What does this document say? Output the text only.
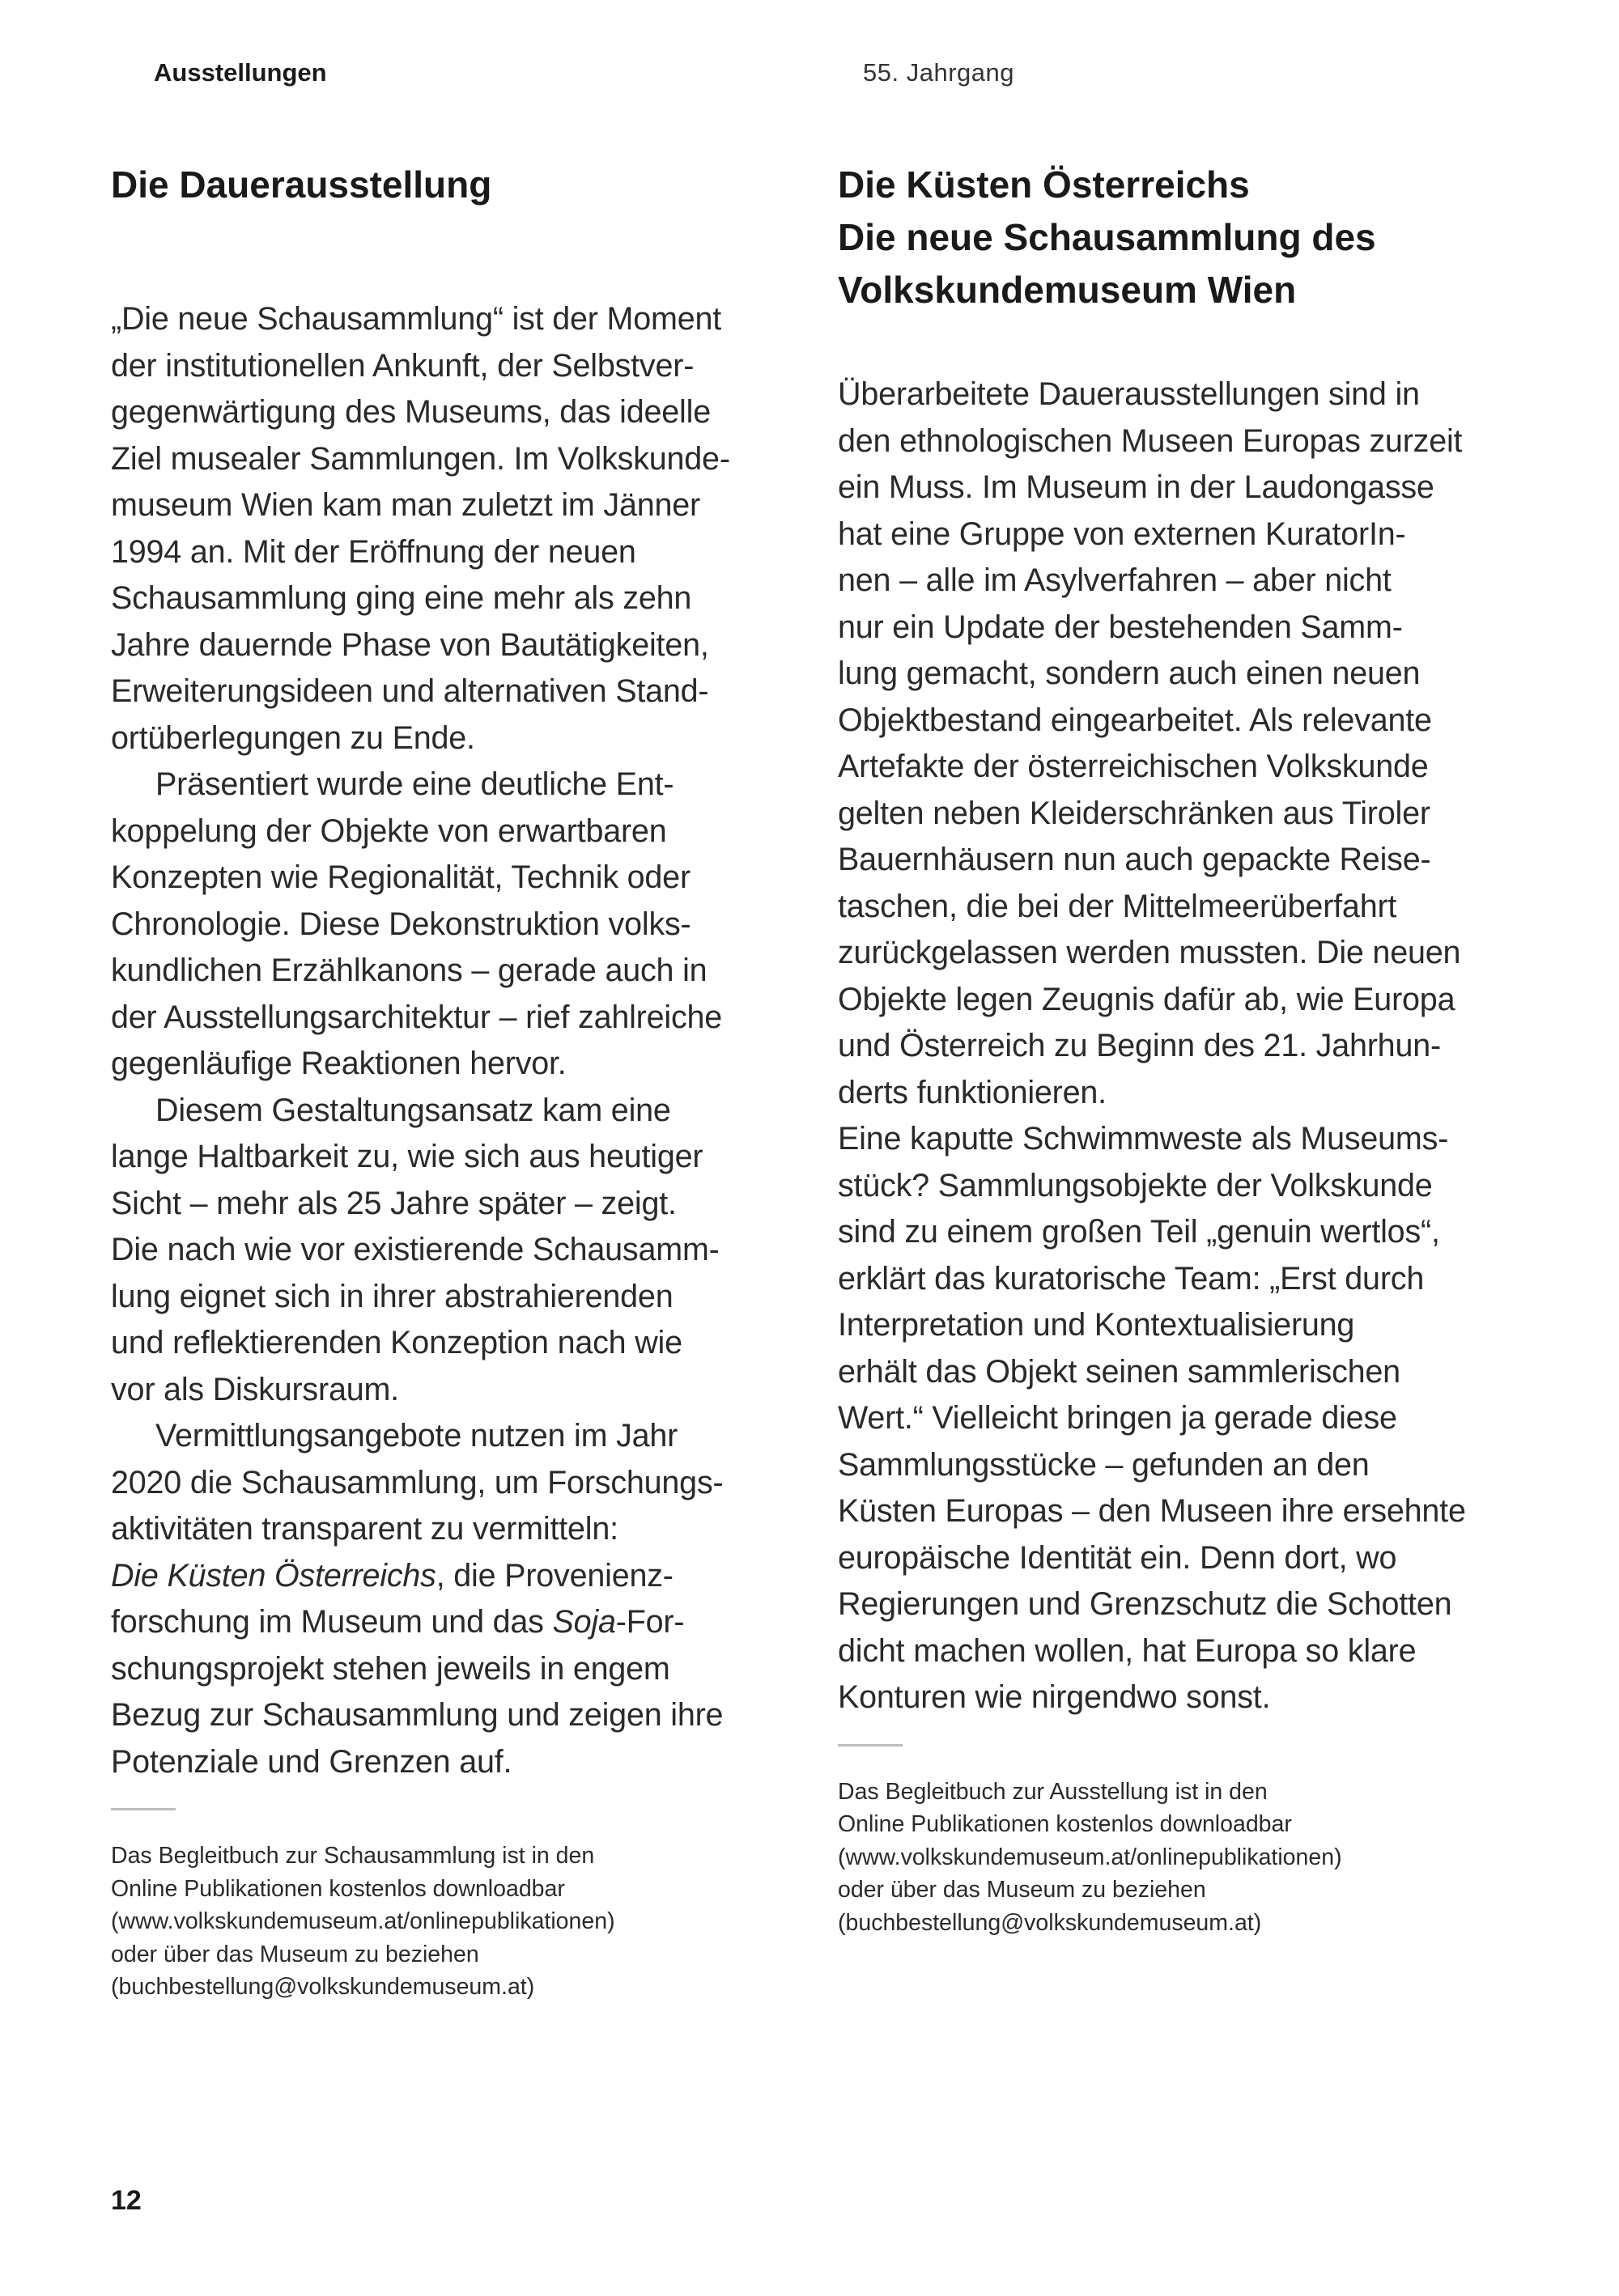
Ausstellungen	55. Jahrgang
Die Dauerausstellung
„Die neue Schausammlung“ ist der Moment
der institutionellen Ankunft, der Selbstver-
gegenwärtigung des Museums, das ideelle
Ziel musealer Sammlungen. Im Volkskunde-
museum Wien kam man zuletzt im Jänner
1994 an. Mit der Eröffnung der neuen
Schausammlung ging eine mehr als zehn
Jahre dauernde Phase von Bautätigkeiten,
Erweiterungsideen und alternativen Stand-
ortüberlegungen zu Ende.
Präsentiert wurde eine deutliche Ent-
koppelung der Objekte von erwartbaren
Konzepten wie Regionalität, Technik oder
Chronologie. Diese Dekonstruktion volks-
kundlichen Erzählkanons – gerade auch in
der Ausstellungsarchitektur – rief zahlreiche
gegenläufige Reaktionen hervor.
Diesem Gestaltungsansatz kam eine
lange Haltbarkeit zu, wie sich aus heutiger
Sicht – mehr als 25 Jahre später – zeigt.
Die nach wie vor existierende Schausamm-
lung eignet sich in ihrer abstrahierenden
und reflektierenden Konzeption nach wie
vor als Diskursraum.
Vermittlungsangebote nutzen im Jahr
2020 die Schausammlung, um Forschungs-
aktivitäten transparent zu vermitteln:
Die Küsten Österreichs, die Provenienz-
forschung im Museum und das Soja-For-
schungsprojekt stehen jeweils in engem
Bezug zur Schausammlung und zeigen ihre
Potenziale und Grenzen auf.
Das Begleitbuch zur Schausammlung ist in den
Online Publikationen kostenlos downloadbar
(www.volkskundemuseum.at/onlinepublikationen)
oder über das Museum zu beziehen
(buchbestellung@volkskundemuseum.at)
Die Küsten Österreichs
Die neue Schausammlung des
Volkskundemuseum Wien
Überarbeitete Dauerausstellungen sind in
den ethnologischen Museen Europas zurzeit
ein Muss. Im Museum in der Laudongasse
hat eine Gruppe von externen KuratorIn-
nen – alle im Asylverfahren – aber nicht
nur ein Update der bestehenden Samm-
lung gemacht, sondern auch einen neuen
Objektbestand eingearbeitet. Als relevante
Artefakte der österreichischen Volkskunde
gelten neben Kleiderschränken aus Tiroler
Bauernhäusern nun auch gepackte Reise-
taschen, die bei der Mittelmeerüberfahrt
zurückgelassen werden mussten. Die neuen
Objekte legen Zeugnis dafür ab, wie Europa
und Österreich zu Beginn des 21. Jahrhun-
derts funktionieren.
Eine kaputte Schwimmweste als Museums-
stück? Sammlungsobjekte der Volkskunde
sind zu einem großen Teil „genuin wertlos“,
erklärt das kuratorische Team: „Erst durch
Interpretation und Kontextualisierung
erhält das Objekt seinen sammlerischen
Wert.“ Vielleicht bringen ja gerade diese
Sammlungsstücke – gefunden an den
Küsten Europas – den Museen ihre ersehnte
europäische Identität ein. Denn dort, wo
Regierungen und Grenzschutz die Schotten
dicht machen wollen, hat Europa so klare
Konturen wie nirgendwo sonst.
Das Begleitbuch zur Ausstellung ist in den
Online Publikationen kostenlos downloadbar
(www.volkskundemuseum.at/onlinepublikationen)
oder über das Museum zu beziehen
(buchbestellung@volkskundemuseum.at)
12
